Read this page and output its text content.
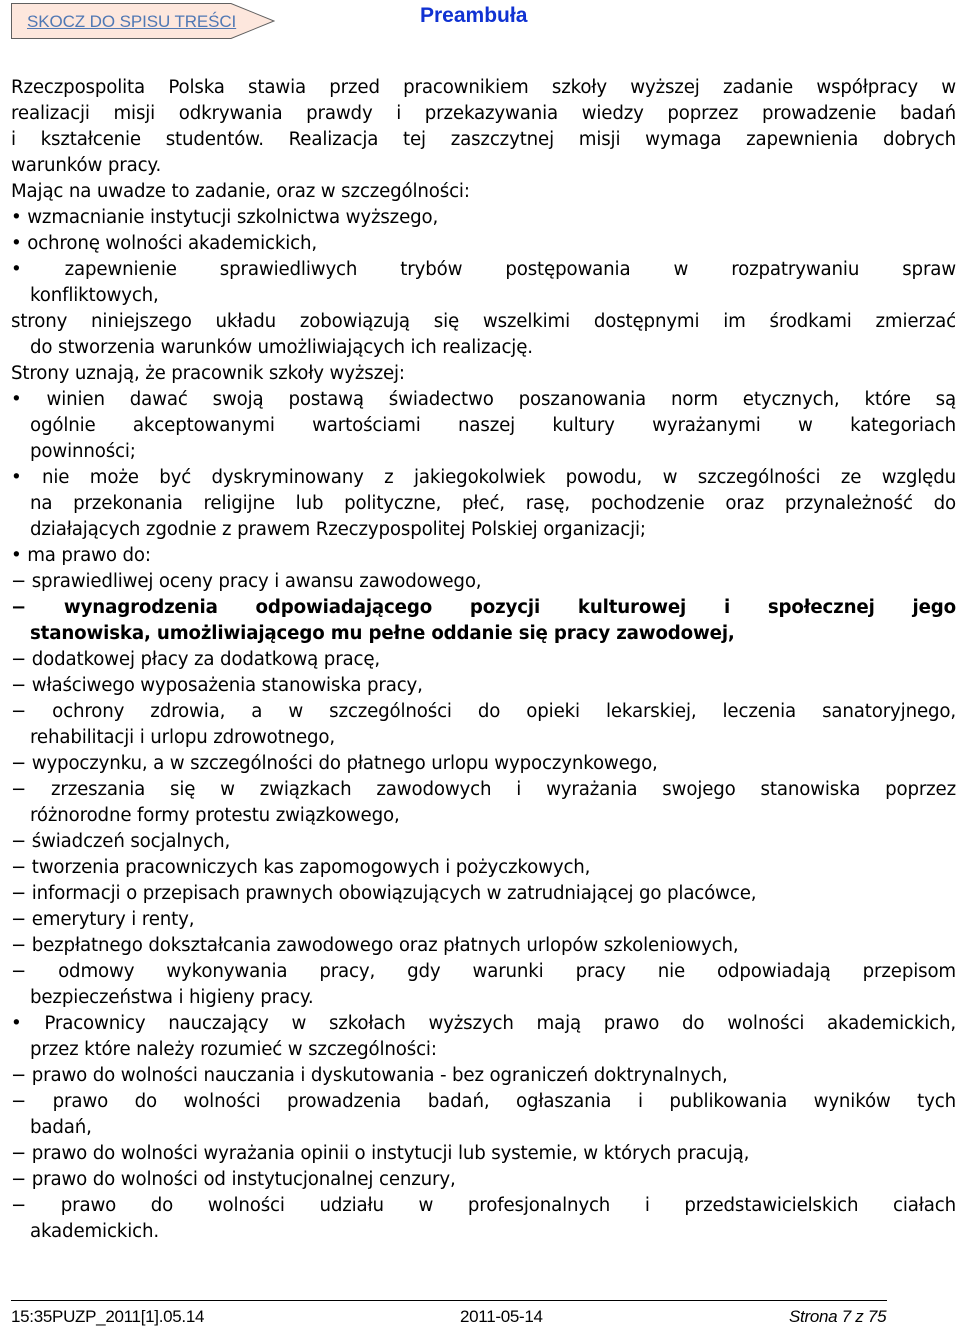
SKOCZ DO SPISU TREŚCI	Preambuła
Rzeczpospolita Polska stawia przed pracownikiem szkoły wyższej zadanie współpracy w
realizacji misji odkrywania prawdy i przekazywania wiedzy poprzez prowadzenie badań
i kształcenie studentów. Realizacja tej zaszczytnej misji wymaga zapewnienia dobrych
warunków pracy.
Mając na uwadze to zadanie, oraz w szczególności:
• wzmacnianie instytucji szkolnictwa wyższego,
• ochronę wolności akademickich,
• zapewnienie sprawiedliwych trybów postępowania w rozpatrywaniu spraw
konfliktowych,
strony niniejszego układu zobowiązują się wszelkimi dostępnymi im środkami zmierzać
do stworzenia warunków umożliwiających ich realizację.
Strony uznają, że pracownik szkoły wyższej:
• winien dawać swoją postawą świadectwo poszanowania norm etycznych, które są
ogólnie akceptowanymi wartościami naszej kultury wyrażanymi w kategoriach
powinności;
• nie może być dyskryminowany z jakiegokolwiek powodu, w szczególności ze względu
na przekonania religijne lub polityczne, płeć, rasę, pochodzenie oraz przynależność do
działających zgodnie z prawem Rzeczypospolitej Polskiej organizacji;
• ma prawo do:
− sprawiedliwej oceny pracy i awansu zawodowego,
− wynagrodzenia odpowiadającego pozycji kulturowej i społecznej jego
stanowiska, umożliwiającego mu pełne oddanie się pracy zawodowej,
− dodatkowej płacy za dodatkową pracę,
− właściwego wyposażenia stanowiska pracy,
− ochrony zdrowia, a w szczególności do opieki lekarskiej, leczenia sanatoryjnego,
rehabilitacji i urlopu zdrowotnego,
− wypoczynku, a w szczególności do płatnego urlopu wypoczynkowego,
− zrzeszania się w związkach zawodowych i wyrażania swojego stanowiska poprzez
różnorodne formy protestu związkowego,
− świadczeń socjalnych,
− tworzenia pracowniczych kas zapomogowych i pożyczkowych,
− informacji o przepisach prawnych obowiązujących w zatrudniającej go placówce,
− emerytury i renty,
− bezpłatnego dokształcania zawodowego oraz płatnych urlopów szkoleniowych,
− odmowy wykonywania pracy, gdy warunki pracy nie odpowiadają przepisom
bezpieczeństwa i higieny pracy.
• Pracownicy nauczający w szkołach wyższych mają prawo do wolności akademickich,
przez które należy rozumieć w szczególności:
− prawo do wolności nauczania i dyskutowania - bez ograniczeń doktrynalnych,
− prawo do wolności prowadzenia badań, ogłaszania i publikowania wyników tych
badań,
− prawo do wolności wyrażania opinii o instytucji lub systemie, w których pracują,
− prawo do wolności od instytucjonalnej cenzury,
− prawo do wolności udziału w profesjonalnych i przedstawicielskich ciałach
akademickich.
15:35PUZP_2011[1].05.14	2011-05-14	Strona 7 z 75
